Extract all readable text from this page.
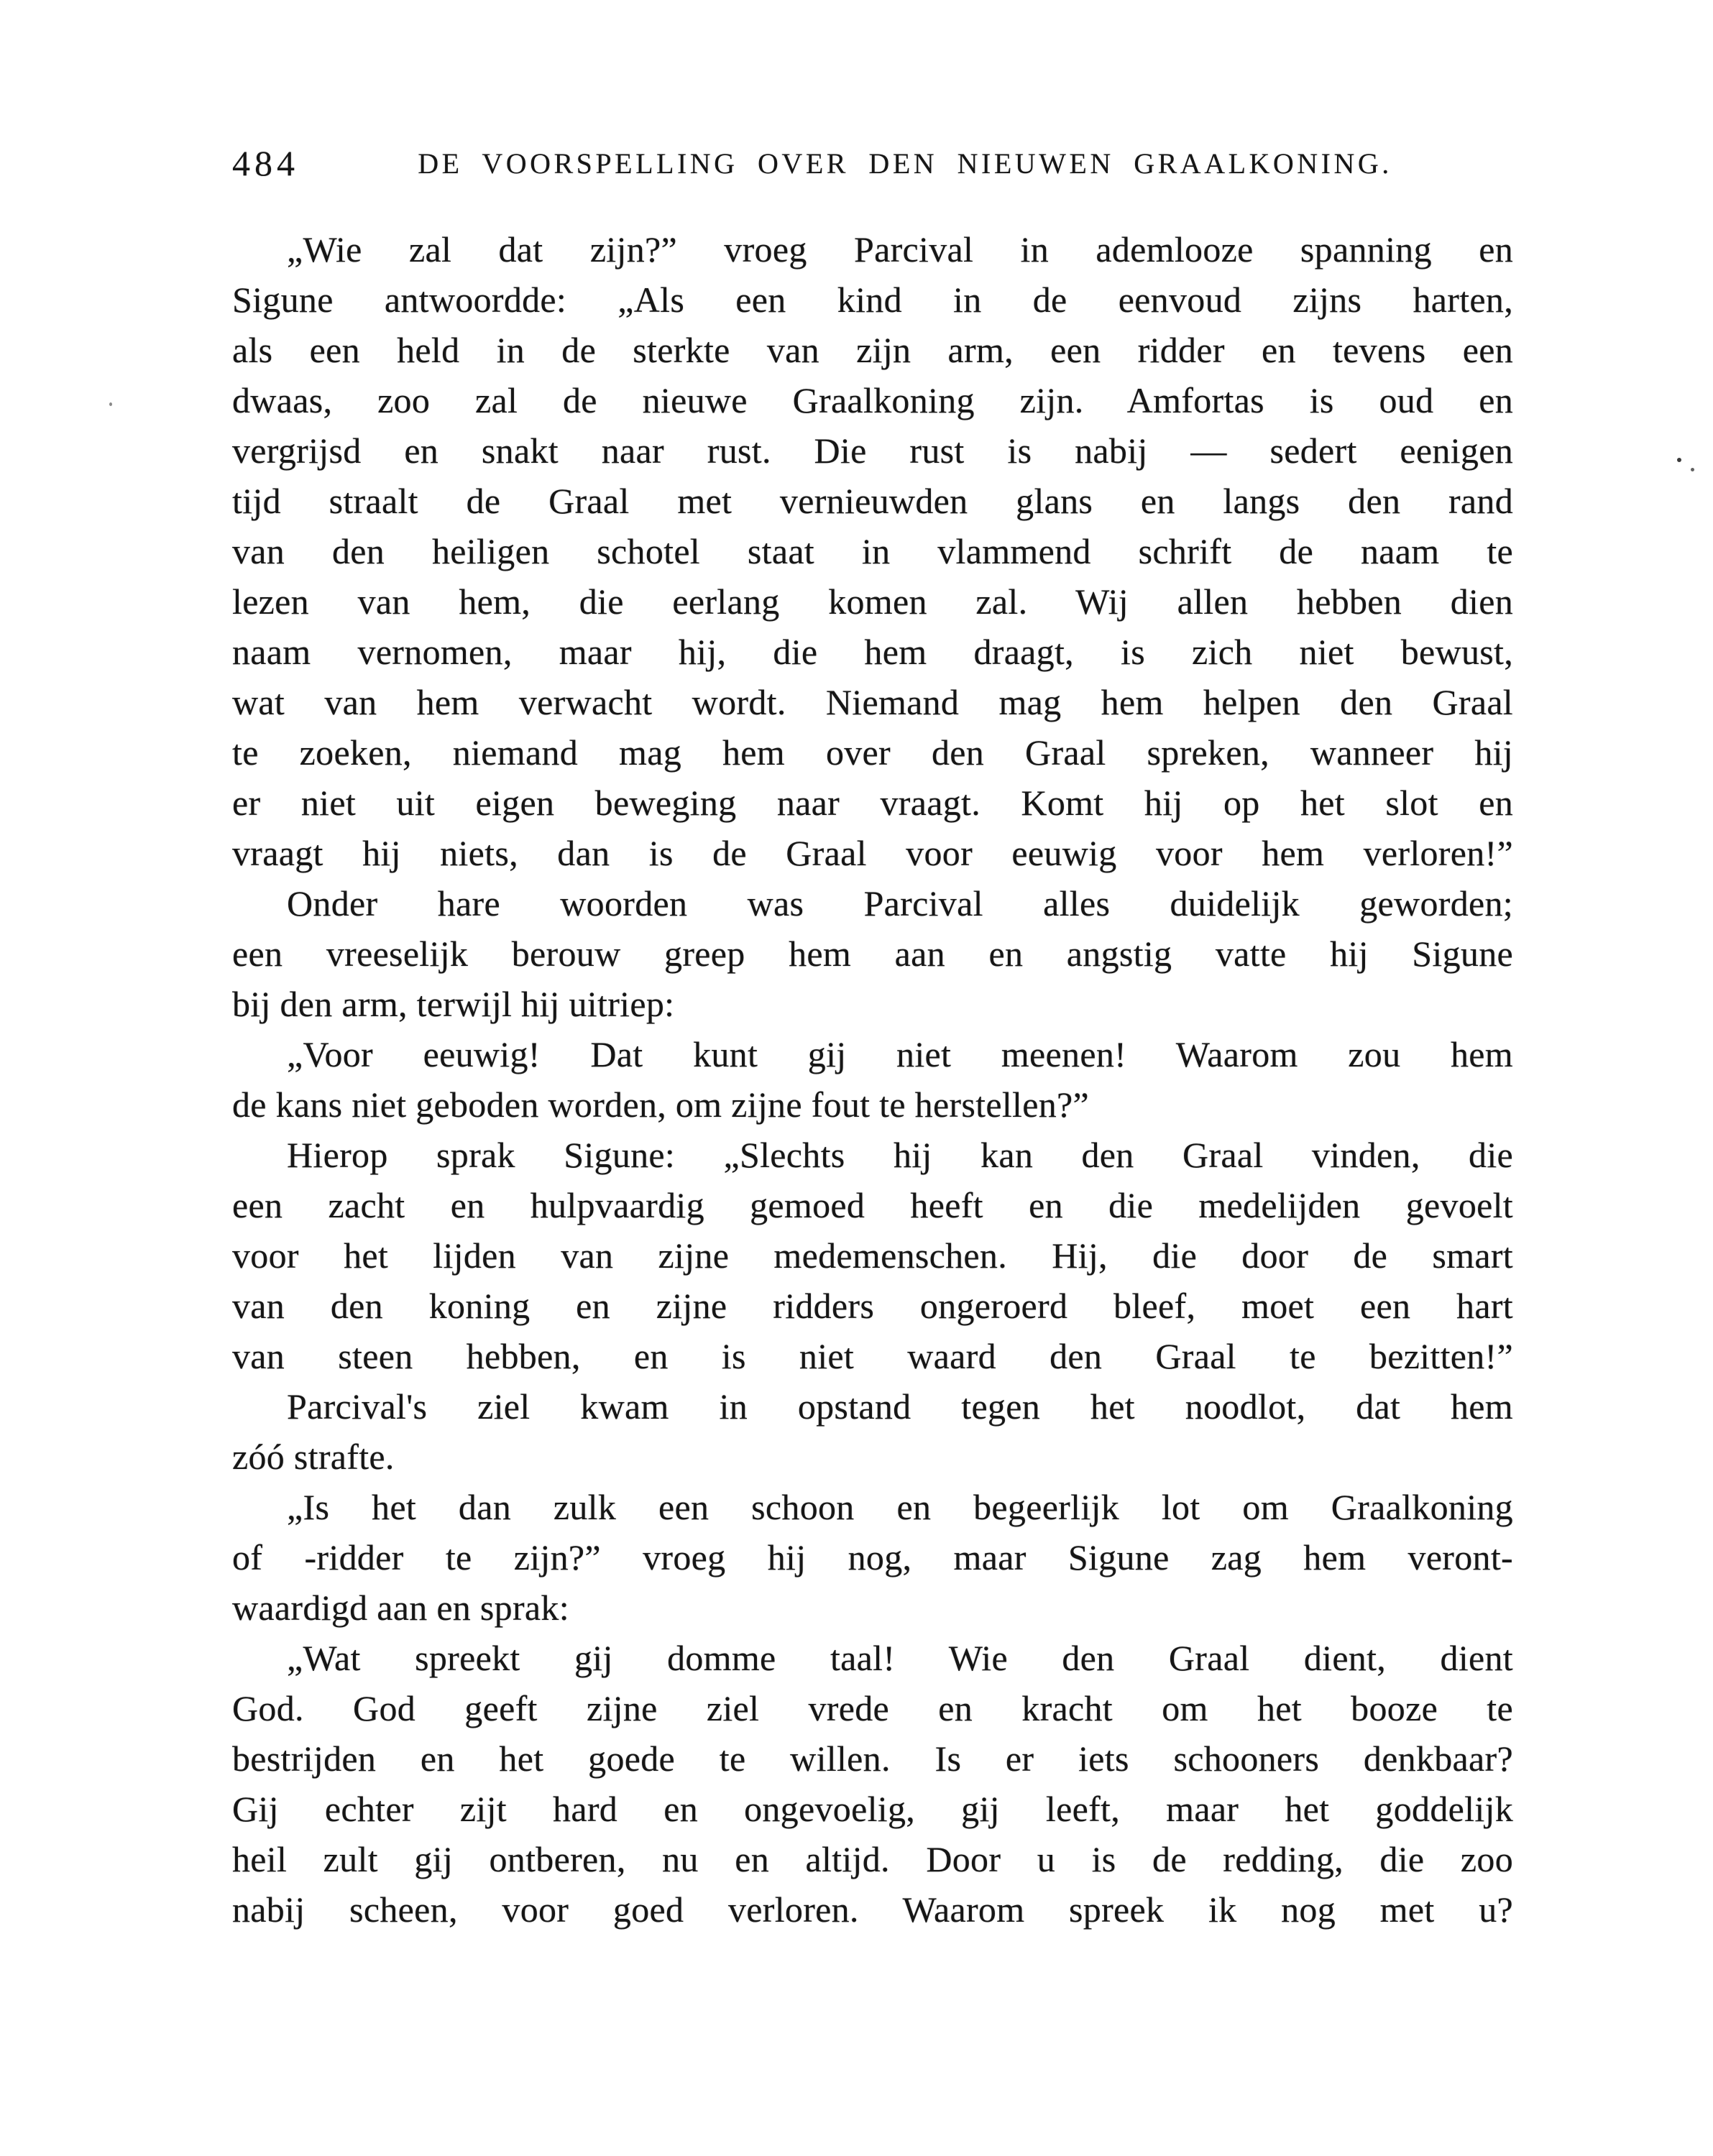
484	DE VOORSPELLING OVER DEN NIEUWEN GRAALKONING.
„Wie zal dat zijn?” vroeg Parcival in ademlooze spanning en
Sigune antwoordde: „Als een kind in de eenvoud zijns harten,
als een held in de sterkte van zijn arm, een ridder en tevens een
dwaas, zoo zal de nieuwe Graalkoning zijn. Amfortas is oud en
vergrijsd en snakt naar rust. Die rust is nabij — sedert eenigen
tijd straalt de Graal met vernieuwden glans en langs den rand
van den heiligen schotel staat in vlammend schrift de naam te
lezen van hem, die eerlang komen zal. Wij allen hebben dien
naam vernomen, maar hij, die hem draagt, is zich niet bewust,
wat van hem verwacht wordt. Niemand mag hem helpen den Graal
te zoeken, niemand mag hem over den Graal spreken, wanneer hij
er niet uit eigen beweging naar vraagt. Komt hij op het slot en
vraagt hij niets, dan is de Graal voor eeuwig voor hem verloren!”
Onder hare woorden was Parcival alles duidelijk geworden;
een vreeselijk berouw greep hem aan en angstig vatte hij Sigune
bij den arm, terwijl hij uitriep:
„Voor eeuwig! Dat kunt gij niet meenen! Waarom zou hem
de kans niet geboden worden, om zijne fout te herstellen?”
Hierop sprak Sigune: „Slechts hij kan den Graal vinden, die
een zacht en hulpvaardig gemoed heeft en die medelijden gevoelt
voor het lijden van zijne medemenschen. Hij, die door de smart
van den koning en zijne ridders ongeroerd bleef, moet een hart
van steen hebben, en is niet waard den Graal te bezitten!”
Parcival's ziel kwam in opstand tegen het noodlot, dat hem
zóó strafte.
„Is het dan zulk een schoon en begeerlijk lot om Graalkoning
of -ridder te zijn?” vroeg hij nog, maar Sigune zag hem veront-
waardigd aan en sprak:
„Wat spreekt gij domme taal! Wie den Graal dient, dient
God. God geeft zijne ziel vrede en kracht om het booze te
bestrijden en het goede te willen. Is er iets schooners denkbaar?
Gij echter zijt hard en ongevoelig, gij leeft, maar het goddelijk
heil zult gij ontberen, nu en altijd. Door u is de redding, die zoo
nabij scheen, voor goed verloren. Waarom spreek ik nog met u?
